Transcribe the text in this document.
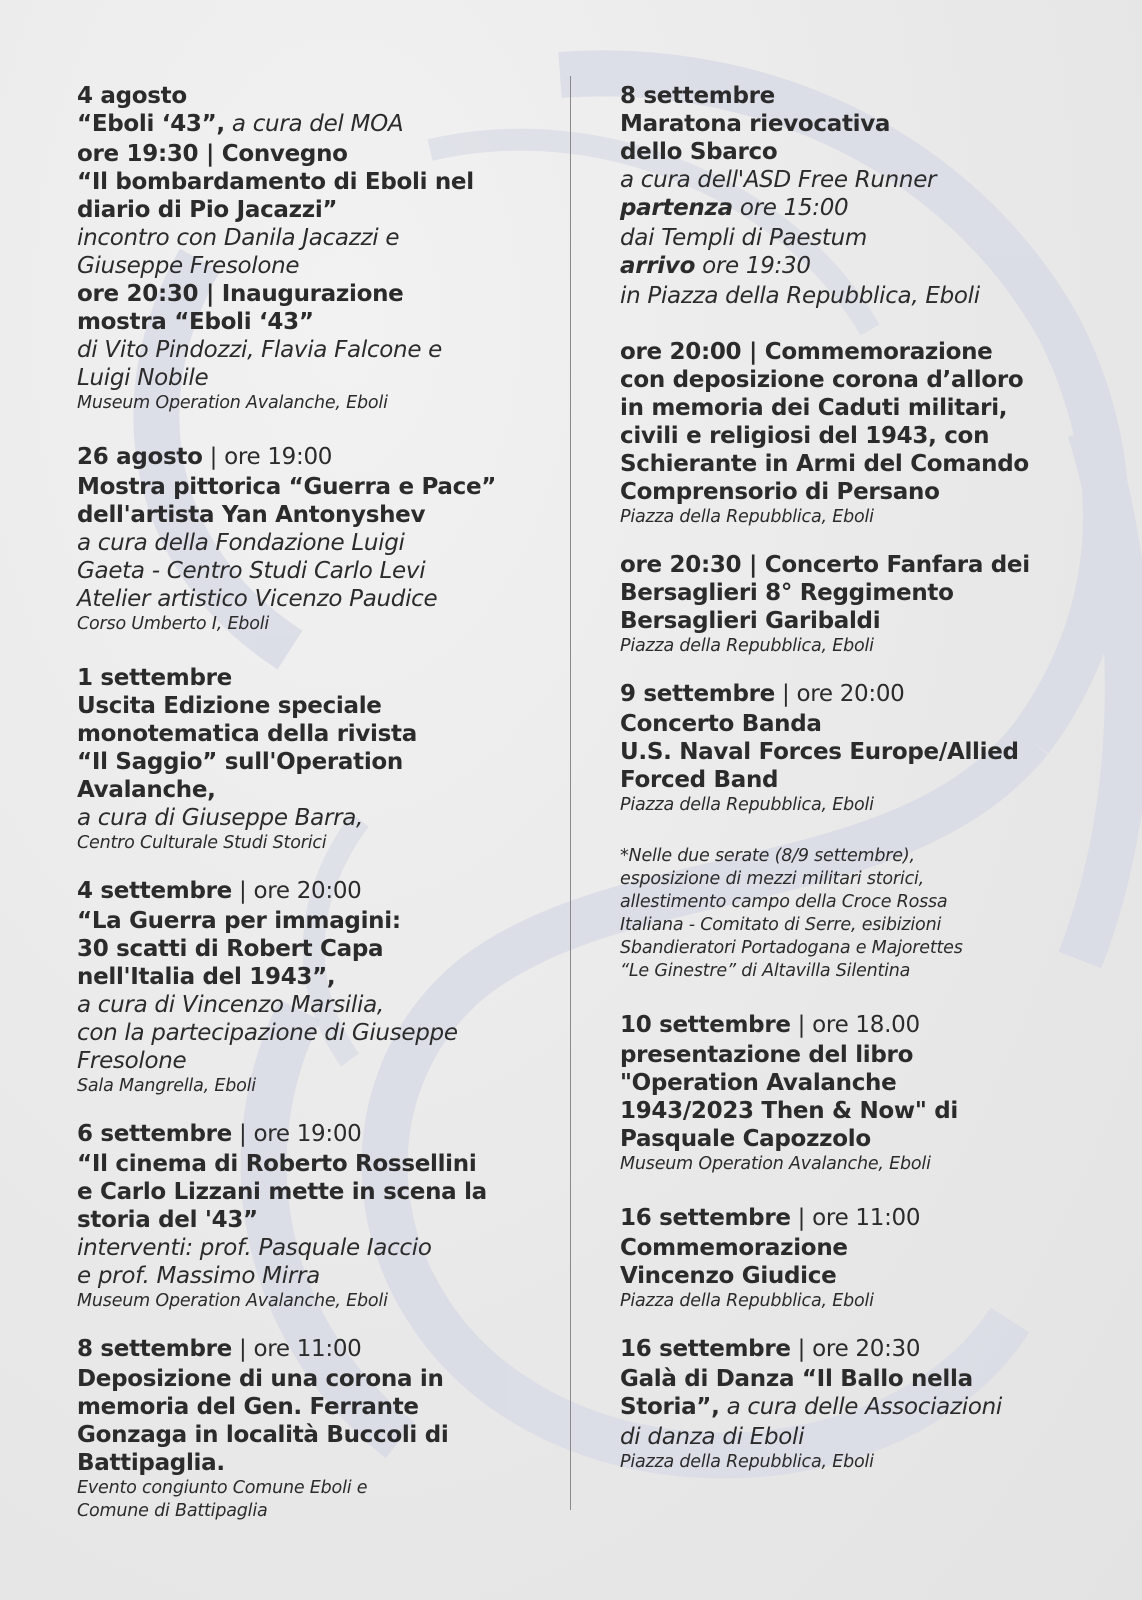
4 agosto
“Eboli ‘43”, a cura del MOA
ore 19:30 | Convegno
“Il bombardamento di Eboli nel
diario di Pio Jacazzi”
incontro con Danila Jacazzi e
Giuseppe Fresolone
ore 20:30 | Inaugurazione
mostra “Eboli ‘43”
di Vito Pindozzi, Flavia Falcone e
Luigi Nobile
Museum Operation Avalanche, Eboli
26 agosto | ore 19:00
Mostra pittorica “Guerra e Pace”
dell'artista Yan Antonyshev
a cura della Fondazione Luigi
Gaeta - Centro Studi Carlo Levi
Atelier artistico Vicenzo Paudice
Corso Umberto I, Eboli
1 settembre
Uscita Edizione speciale
monotematica della rivista
“Il Saggio” sull'Operation
Avalanche,
a cura di Giuseppe Barra,
Centro Culturale Studi Storici
4 settembre | ore 20:00
“La Guerra per immagini:
30 scatti di Robert Capa
nell'Italia del 1943”,
a cura di Vincenzo Marsilia,
con la partecipazione di Giuseppe
Fresolone
Sala Mangrella, Eboli
6 settembre | ore 19:00
“Il cinema di Roberto Rossellini
e Carlo Lizzani mette in scena la
storia del '43”
interventi: prof. Pasquale Iaccio
e prof. Massimo Mirra
Museum Operation Avalanche, Eboli
8 settembre | ore 11:00
Deposizione di una corona in
memoria del Gen. Ferrante
Gonzaga in località Buccoli di
Battipaglia.
Evento congiunto Comune Eboli e
Comune di Battipaglia
8 settembre
Maratona rievocativa
dello Sbarco
a cura dell'ASD Free Runner
partenza ore 15:00
dai Templi di Paestum
arrivo ore 19:30
in Piazza della Repubblica, Eboli
ore 20:00 | Commemorazione
con deposizione corona d’alloro
in memoria dei Caduti militari,
civili e religiosi del 1943, con
Schierante in Armi del Comando
Comprensorio di Persano
Piazza della Repubblica, Eboli
ore 20:30 | Concerto Fanfara dei
Bersaglieri 8° Reggimento
Bersaglieri Garibaldi
Piazza della Repubblica, Eboli
9 settembre | ore 20:00
Concerto Banda
U.S. Naval Forces Europe/Allied
Forced Band
Piazza della Repubblica, Eboli
*Nelle due serate (8/9 settembre),
esposizione di mezzi militari storici,
allestimento campo della Croce Rossa
Italiana - Comitato di Serre, esibizioni
Sbandieratori Portadogana e Majorettes
“Le Ginestre” di Altavilla Silentina
10 settembre | ore 18.00
presentazione del libro
"Operation Avalanche
1943/2023 Then & Now" di
Pasquale Capozzolo
Museum Operation Avalanche, Eboli
16 settembre | ore 11:00
Commemorazione
Vincenzo Giudice
Piazza della Repubblica, Eboli
16 settembre | ore 20:30
Galà di Danza “Il Ballo nella
Storia”, a cura delle Associazioni
di danza di Eboli
Piazza della Repubblica, Eboli
